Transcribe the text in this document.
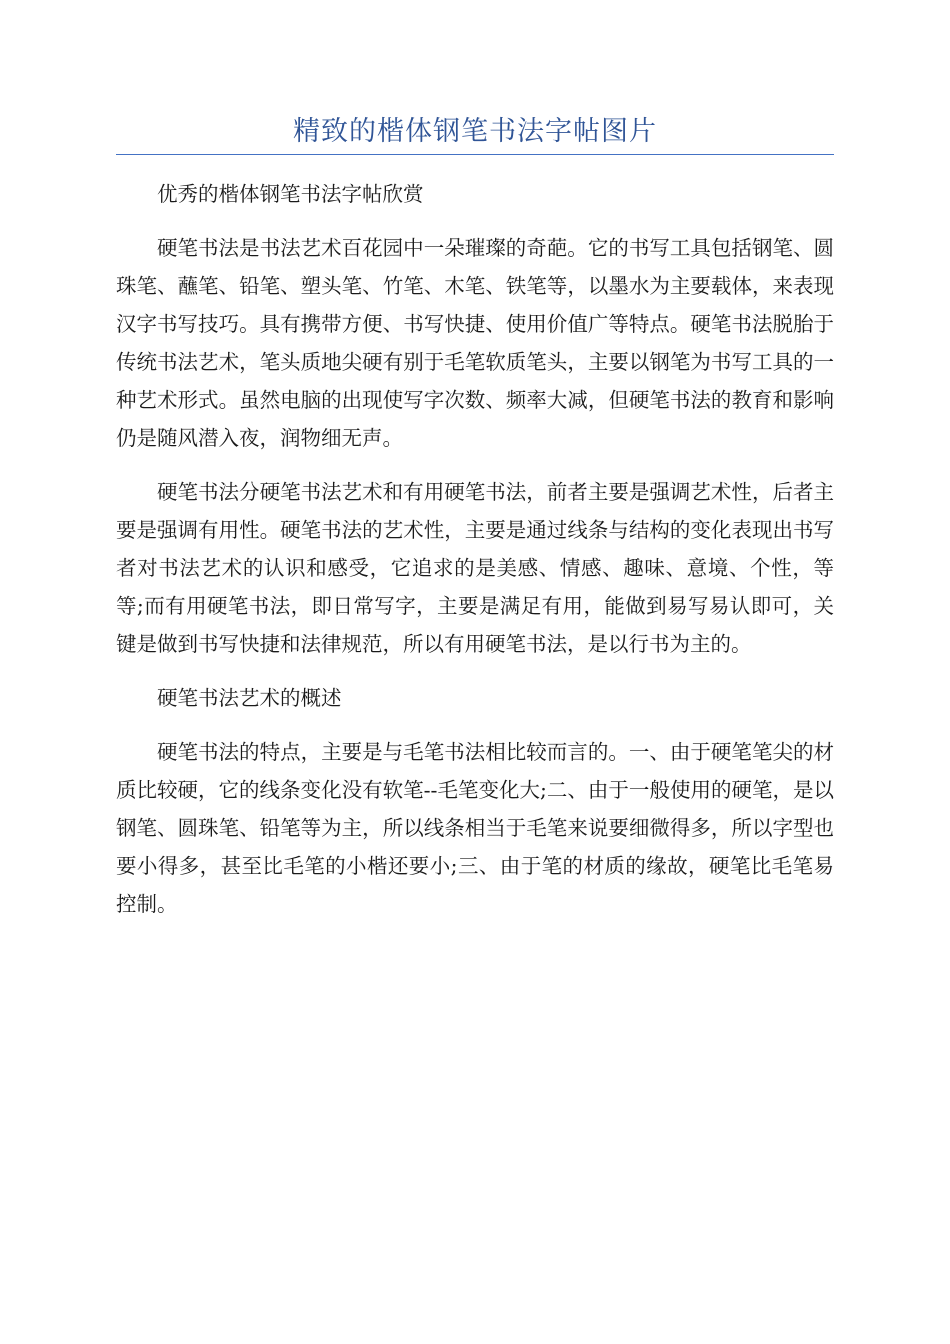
精致的楷体钢笔书法字帖图片

优秀的楷体钢笔书法字帖欣赏

硬笔书法是书法艺术百花园中一朵璀璨的奇葩。它的书写工具包括钢笔、圆珠笔、蘸笔、铅笔、塑头笔、竹笔、木笔、铁笔等，以墨水为主要载体，来表现汉字书写技巧。具有携带方便、书写快捷、使用价值广等特点。硬笔书法脱胎于传统书法艺术，笔头质地尖硬有别于毛笔软质笔头，主要以钢笔为书写工具的一种艺术形式。虽然电脑的出现使写字次数、频率大减，但硬笔书法的教育和影响仍是随风潜入夜，润物细无声。

硬笔书法分硬笔书法艺术和有用硬笔书法，前者主要是强调艺术性，后者主要是强调有用性。硬笔书法的艺术性，主要是通过线条与结构的变化表现出书写者对书法艺术的认识和感受，它追求的是美感、情感、趣味、意境、个性，等等;而有用硬笔书法，即日常写字，主要是满足有用，能做到易写易认即可，关键是做到书写快捷和法律规范，所以有用硬笔书法，是以行书为主的。

硬笔书法艺术的概述

硬笔书法的特点，主要是与毛笔书法相比较而言的。一、由于硬笔笔尖的材质比较硬，它的线条变化没有软笔--毛笔变化大;二、由于一般使用的硬笔，是以钢笔、圆珠笔、铅笔等为主，所以线条相当于毛笔来说要细微得多，所以字型也要小得多，甚至比毛笔的小楷还要小;三、由于笔的材质的缘故，硬笔比毛笔易控制。
